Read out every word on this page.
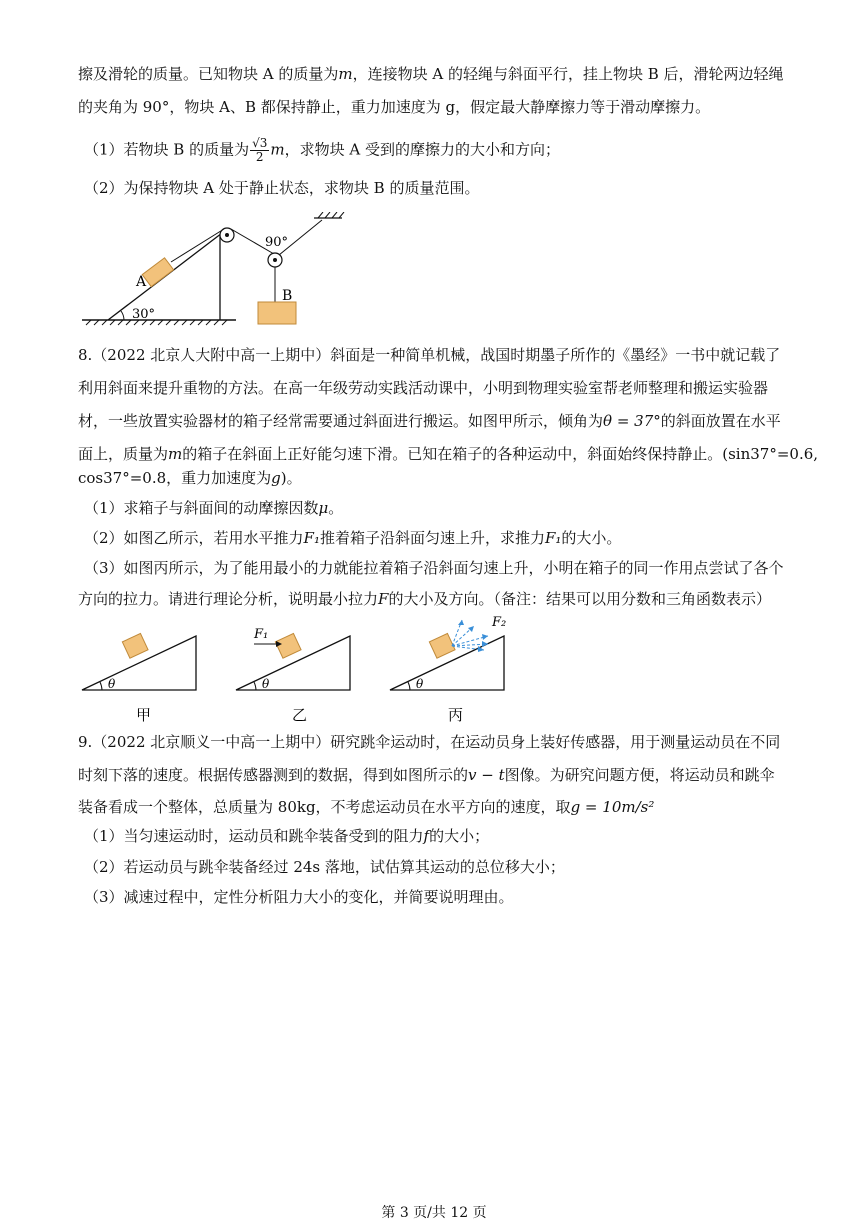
擦及滑轮的质量。已知物块 A 的质量为m，连接物块 A 的轻绳与斜面平行，挂上物块 B 后，滑轮两边轻绳
的夹角为 90°，物块 A、B 都保持静止，重力加速度为 g，假定最大静摩擦力等于滑动摩擦力。
（1）若物块 B 的质量为 $\frac{√3}{2}$ m，求物块 A 受到的摩擦力的大小和方向；
（2）为保持物块 A 处于静止状态，求物块 B 的质量范围。
A
B
90°
30°
8.（2022 北京人大附中高一上期中）斜面是一种简单机械，战国时期墨子所作的《墨经》一书中就记载了
利用斜面来提升重物的方法。在高一年级劳动实践活动课中，小明到物理实验室帮老师整理和搬运实验器
材，一些放置实验器材的箱子经常需要通过斜面进行搬运。如图甲所示，倾角为θ = 37°的斜面放置在水平
面上，质量为m的箱子在斜面上正好能匀速下滑。已知在箱子的各种运动中，斜面始终保持静止。(sin37°=0.6,
cos37°=0.8，重力加速度为g)。
（1）求箱子与斜面间的动摩擦因数μ。
（2）如图乙所示，若用水平推力F₁推着箱子沿斜面匀速上升，求推力F₁的大小。
（3）如图丙所示，为了能用最小的力就能拉着箱子沿斜面匀速上升，小明在箱子的同一作用点尝试了各个
方向的拉力。请进行理论分析，说明最小拉力F的大小及方向。（备注：结果可以用分数和三角函数表示）
θ
甲
θ
F₁
乙
θ
F₂
丙
9.（2022 北京顺义一中高一上期中）研究跳伞运动时，在运动员身上装好传感器，用于测量运动员在不同
时刻下落的速度。根据传感器测到的数据，得到如图所示的v − t图像。为研究问题方便，将运动员和跳伞
装备看成一个整体，总质量为 80kg，不考虑运动员在水平方向的速度，取g = 10m/s²
（1）当匀速运动时，运动员和跳伞装备受到的阻力f的大小；
（2）若运动员与跳伞装备经过 24s 落地，试估算其运动的总位移大小；
（3）减速过程中，定性分析阻力大小的变化，并简要说明理由。
第 3 页/共 12 页
